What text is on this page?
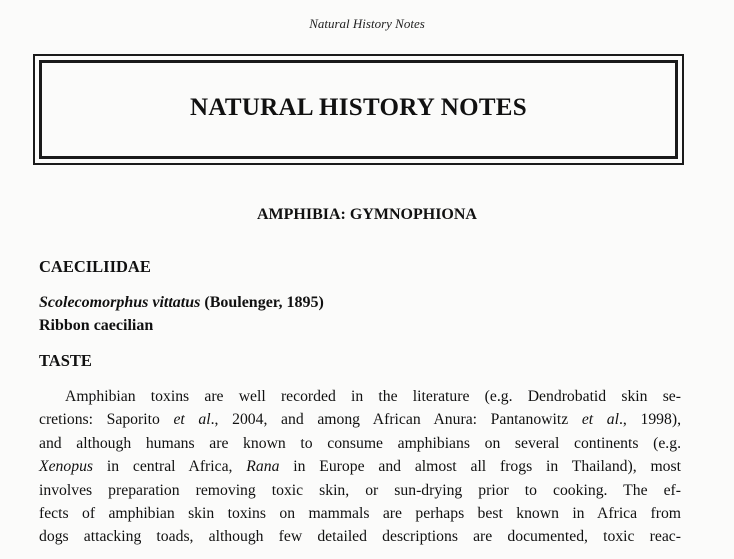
Natural History Notes
NATURAL HISTORY NOTES
AMPHIBIA: GYMNOPHIONA
CAECILIIDAE
Scolecomorphus vittatus (Boulenger, 1895)
Ribbon caecilian
TASTE
Amphibian toxins are well recorded in the literature (e.g. Dendrobatid skin se-
cretions: Saporito et al., 2004, and among African Anura: Pantanowitz et al., 1998),
and although humans are known to consume amphibians on several continents (e.g.
Xenopus in central Africa, Rana in Europe and almost all frogs in Thailand), most
involves preparation removing toxic skin, or sun-drying prior to cooking. The ef-
fects of amphibian skin toxins on mammals are perhaps best known in Africa from
dogs attacking toads, although few detailed descriptions are documented, toxic reac-
